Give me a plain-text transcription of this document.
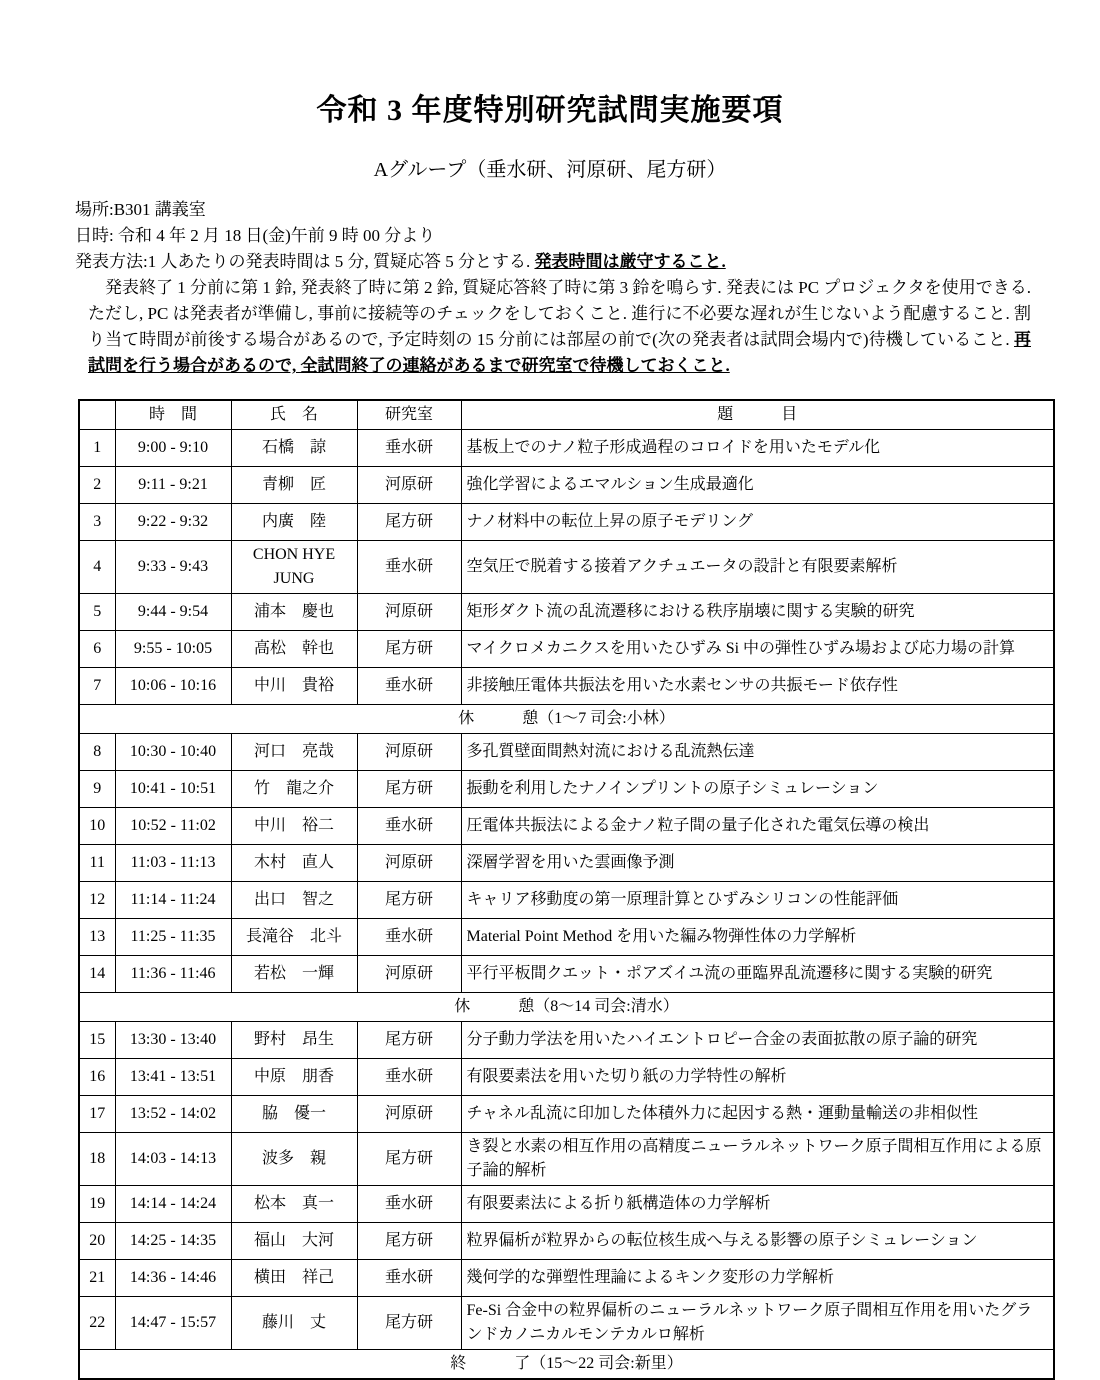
令和 3 年度特別研究試問実施要項
Aグループ（垂水研、河原研、尾方研）
場所:B301 講義室
日時: 令和 4 年 2 月 18 日(金)午前 9 時 00 分より
発表方法:1 人あたりの発表時間は 5 分, 質疑応答 5 分とする. 発表時間は厳守すること.

発表終了 1 分前に第 1 鈴, 発表終了時に第 2 鈴, 質疑応答終了時に第 3 鈴を鳴らす. 発表には PC プロジェクタを使用できる. ただし, PC は発表者が準備し, 事前に接続等のチェックをしておくこと. 進行に不必要な遅れが生じないよう配慮すること. 割り当て時間が前後する場合があるので, 予定時刻の 15 分前には部屋の前で(次の発表者は試問会場内で)待機していること. 再試問を行う場合があるので, 全試問終了の連絡があるまで研究室で待機しておくこと.

	時　間	氏　名	研究室	題　　　目
1	9:00 - 9:10	石橋　諒	垂水研	基板上でのナノ粒子形成過程のコロイドを用いたモデル化
2	9:11 - 9:21	青柳　匠	河原研	強化学習によるエマルション生成最適化
3	9:22 - 9:32	内廣　陸	尾方研	ナノ材料中の転位上昇の原子モデリング
4	9:33 - 9:43	CHON HYE JUNG	垂水研	空気圧で脱着する接着アクチュエータの設計と有限要素解析
5	9:44 - 9:54	浦本　慶也	河原研	矩形ダクト流の乱流遷移における秩序崩壊に関する実験的研究
6	9:55 - 10:05	高松　幹也	尾方研	マイクロメカニクスを用いたひずみ Si 中の弾性ひずみ場および応力場の計算
7	10:06 - 10:16	中川　貴裕	垂水研	非接触圧電体共振法を用いた水素センサの共振モード依存性
休　　　憩（1～7 司会:小林）				
8	10:30 - 10:40	河口　亮哉	河原研	多孔質壁面間熱対流における乱流熱伝達
9	10:41 - 10:51	竹　龍之介	尾方研	振動を利用したナノインプリントの原子シミュレーション
10	10:52 - 11:02	中川　裕二	垂水研	圧電体共振法による金ナノ粒子間の量子化された電気伝導の検出
11	11:03 - 11:13	木村　直人	河原研	深層学習を用いた雲画像予測
12	11:14 - 11:24	出口　智之	尾方研	キャリア移動度の第一原理計算とひずみシリコンの性能評価
13	11:25 - 11:35	長滝谷　北斗	垂水研	Material Point Method を用いた編み物弾性体の力学解析
14	11:36 - 11:46	若松　一輝	河原研	平行平板間クエット・ポアズイユ流の亜臨界乱流遷移に関する実験的研究
休　　　憩（8～14 司会:清水）				
15	13:30 - 13:40	野村　昂生	尾方研	分子動力学法を用いたハイエントロピー合金の表面拡散の原子論的研究
16	13:41 - 13:51	中原　朋香	垂水研	有限要素法を用いた切り紙の力学特性の解析
17	13:52 - 14:02	脇　優一	河原研	チャネル乱流に印加した体積外力に起因する熱・運動量輸送の非相似性
18	14:03 - 14:13	波多　親	尾方研	き裂と水素の相互作用の高精度ニューラルネットワーク原子間相互作用による原子論的解析
19	14:14 - 14:24	松本　真一	垂水研	有限要素法による折り紙構造体の力学解析
20	14:25 - 14:35	福山　大河	尾方研	粒界偏析が粒界からの転位核生成へ与える影響の原子シミュレーション
21	14:36 - 14:46	横田　祥己	垂水研	幾何学的な弾塑性理論によるキンク変形の力学解析
22	14:47 - 15:57	藤川　丈	尾方研	Fe-Si 合金中の粒界偏析のニューラルネットワーク原子間相互作用を用いたグランドカノニカルモンテカルロ解析
終　　　了（15～22 司会:新里）				
